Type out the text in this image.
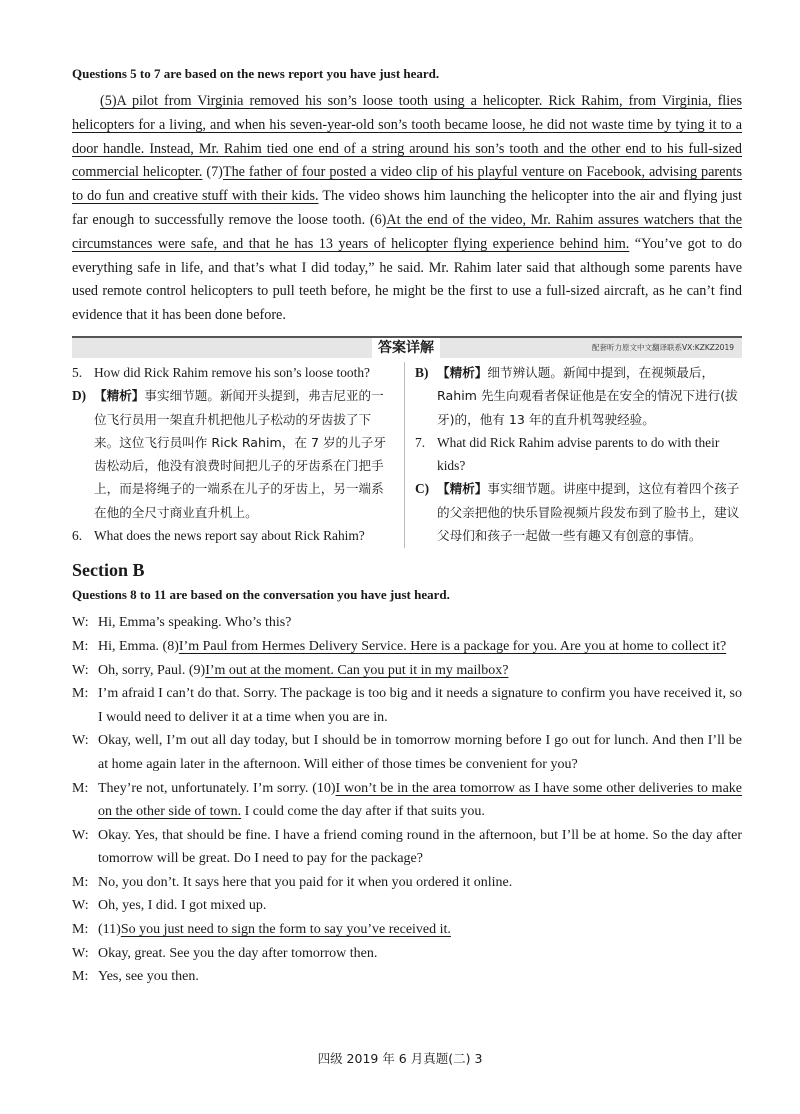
Questions 5 to 7 are based on the news report you have just heard.

(5)A pilot from Virginia removed his son’s loose tooth using a helicopter. Rick Rahim, from Virginia, flies helicopters for a living, and when his seven-year-old son’s tooth became loose, he did not waste time by tying it to a door handle. Instead, Mr. Rahim tied one end of a string around his son’s tooth and the other end to his full-sized commercial helicopter. (7)The father of four posted a video clip of his playful venture on Facebook, advising parents to do fun and creative stuff with their kids. The video shows him launching the helicopter into the air and flying just far enough to successfully remove the loose tooth. (6)At the end of the video, Mr. Rahim assures watchers that the circumstances were safe, and that he has 13 years of helicopter flying experience behind him. “You’ve got to do everything safe in life, and that’s what I did today,” he said. Mr. Rahim later said that although some parents have used remote control helicopters to pull teeth before, he might be the first to use a full-sized aircraft, as he can’t find evidence that it has been done before.

答案详解	配套听力原文中文翻译联系VX:KZKZ2019
5. How did Rick Rahim remove his son’s loose tooth?
D) 【精析】事实细节题。新闻开头提到，弗吉尼亚的一位飞行员用一架直升机把他儿子松动的牙齿拔了下来。这位飞行员叫作 Rick Rahim，在 7 岁的儿子牙齿松动后，他没有浪费时间把儿子的牙齿系在门把手上，而是将绳子的一端系在儿子的牙齿上，另一端系在他的全尺寸商业直升机上。
6. What does the news report say about Rick Rahim?
B) 【精析】细节辨认题。新闻中提到，在视频最后，Rahim 先生向观看者保证他是在安全的情况下进行(拔牙)的，他有 13 年的直升机驾驶经验。
7. What did Rick Rahim advise parents to do with their kids?
C) 【精析】事实细节题。讲座中提到，这位有着四个孩子的父亲把他的快乐冒险视频片段发布到了脸书上，建议父母们和孩子一起做一些有趣又有创意的事情。
Section B

Questions 8 to 11 are based on the conversation you have just heard.

W: Hi, Emma’s speaking. Who’s this?
M: Hi, Emma. (8)I’m Paul from Hermes Delivery Service. Here is a package for you. Are you at home to collect it?
W: Oh, sorry, Paul. (9)I’m out at the moment. Can you put it in my mailbox?
M: I’m afraid I can’t do that. Sorry. The package is too big and it needs a signature to confirm you have received it, so I would need to deliver it at a time when you are in.
W: Okay, well, I’m out all day today, but I should be in tomorrow morning before I go out for lunch. And then I’ll be at home again later in the afternoon. Will either of those times be convenient for you?
M: They’re not, unfortunately. I’m sorry. (10)I won’t be in the area tomorrow as I have some other deliveries to make on the other side of town. I could come the day after if that suits you.
W: Okay. Yes, that should be fine. I have a friend coming round in the afternoon, but I’ll be at home. So the day after tomorrow will be great. Do I need to pay for the package?
M: No, you don’t. It says here that you paid for it when you ordered it online.
W: Oh, yes, I did. I got mixed up.
M: (11)So you just need to sign the form to say you’ve received it.
W: Okay, great. See you the day after tomorrow then.
M: Yes, see you then.
四级 2019 年 6 月真题(二) 3
